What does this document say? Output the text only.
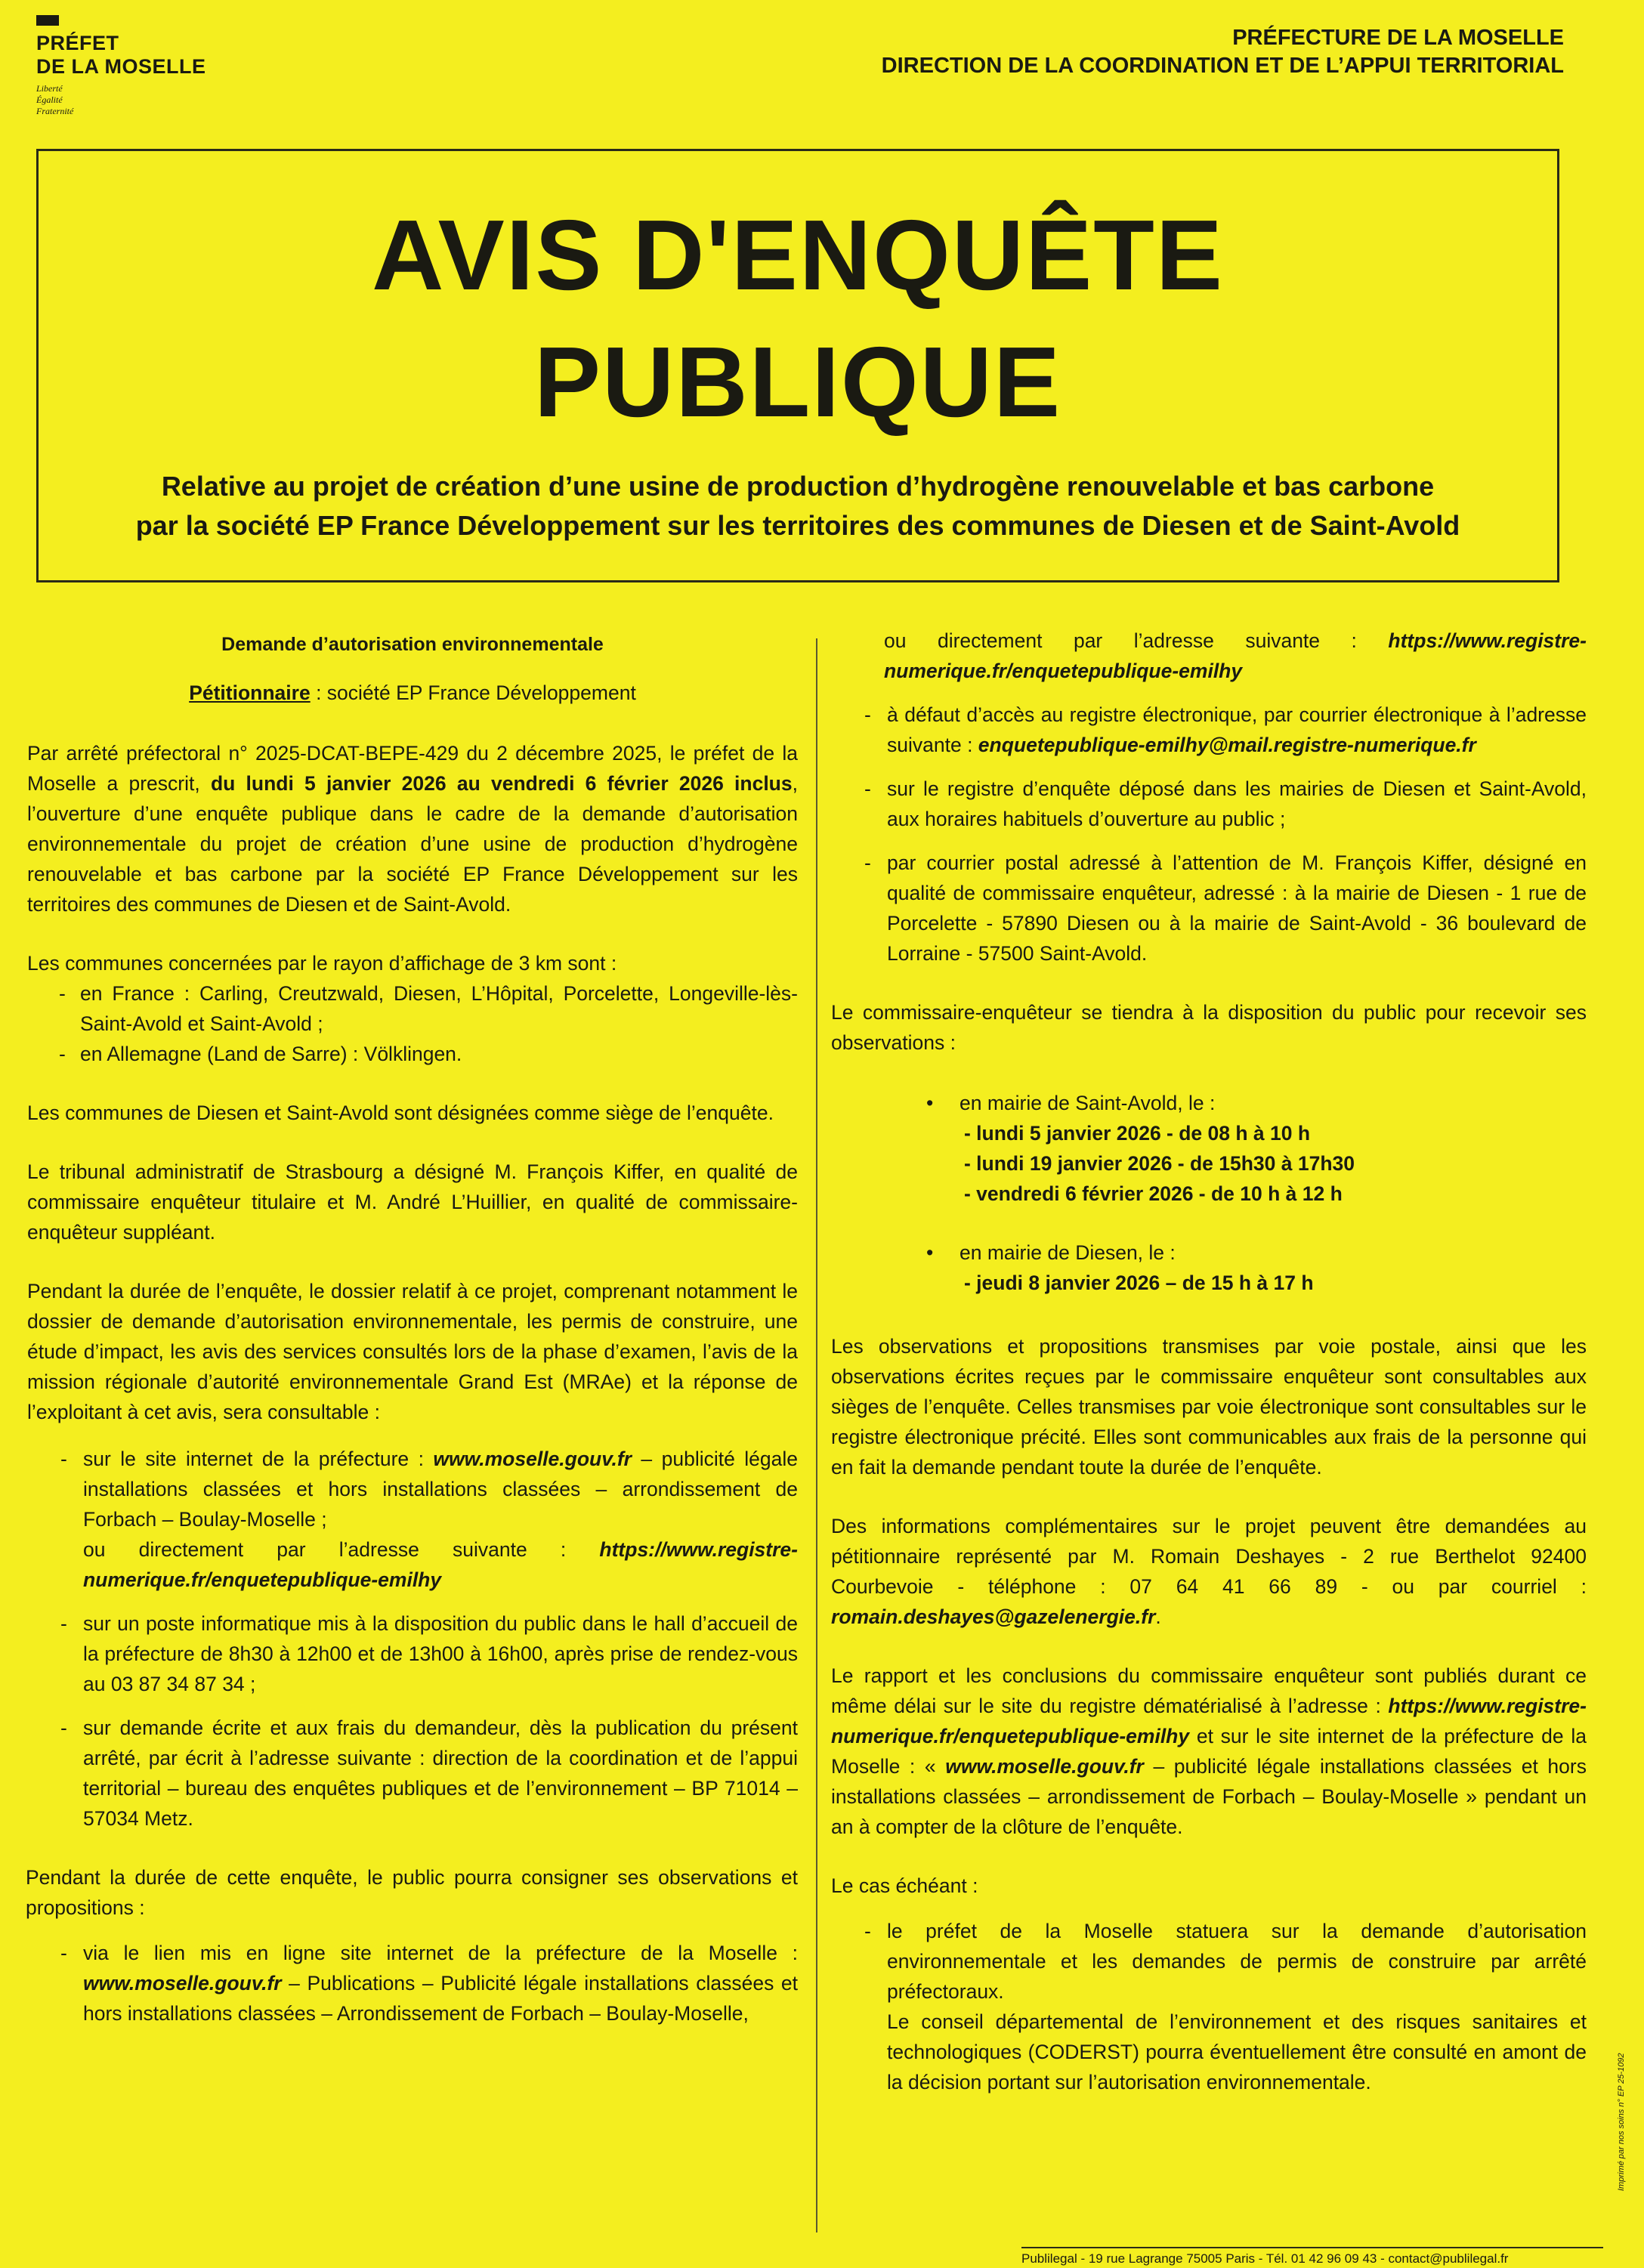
PRÉFET
DE LA MOSELLE
Liberté
Égalité
Fraternité
PRÉFECTURE DE LA MOSELLE
DIRECTION DE LA COORDINATION ET DE L’APPUI TERRITORIAL
AVIS D'ENQUÊTE
PUBLIQUE
Relative au projet de création d’une usine de production d’hydrogène renouvelable et bas carbone
par la société EP France Développement sur les territoires des communes de Diesen et de Saint-Avold

Demande d’autorisation environnementale

Pétitionnaire : société EP France Développement

Par arrêté préfectoral n° 2025-DCAT-BEPE-429 du 2 décembre 2025, le préfet de la Moselle a prescrit, du lundi 5 janvier 2026 au vendredi 6 février 2026 inclus, l’ouverture d’une enquête publique dans le cadre de la demande d’autorisation environnementale du projet de création d’une usine de production d’hydrogène renouvelable et bas carbone par la société EP France Développement sur les territoires des communes de Diesen et de Saint-Avold.

Les communes concernées par le rayon d’affichage de 3 km sont :

- en France : Carling, Creutzwald, Diesen, L’Hôpital, Porcelette, Longeville-lès-Saint-Avold et Saint-Avold ;
- en Allemagne (Land de Sarre) : Völklingen.

Les communes de Diesen et Saint-Avold sont désignées comme siège de l’enquête.

Le tribunal administratif de Strasbourg a désigné M. François Kiffer, en qualité de commissaire enquêteur titulaire et M. André L’Huillier, en qualité de commissaire-enquêteur suppléant.

Pendant la durée de l’enquête, le dossier relatif à ce projet, comprenant notamment le dossier de demande d’autorisation environnementale, les permis de construire, une étude d’impact, les avis des services consultés lors de la phase d’examen, l’avis de la mission régionale d’autorité environnementale Grand Est (MRAe) et la réponse de l’exploitant à cet avis, sera consultable :

- sur le site internet de la préfecture : www.moselle.gouv.fr – publicité légale installations classées et hors installations classées – arrondissement de Forbach – Boulay-Moselle ;
ou directement par l’adresse suivante : https://www.registre-numerique.fr/enquetepublique-emilhy
- sur un poste informatique mis à la disposition du public dans le hall d’accueil de la préfecture de 8h30 à 12h00 et de 13h00 à 16h00, après prise de rendez-vous au 03 87 34 87 34 ;
- sur demande écrite et aux frais du demandeur, dès la publication du présent arrêté, par écrit à l’adresse suivante : direction de la coordination et de l’appui territorial – bureau des enquêtes publiques et de l’environnement – BP 71014 – 57034 Metz.

Pendant la durée de cette enquête, le public pourra consigner ses observations et propositions :

- via le lien mis en ligne site internet de la préfecture de la Moselle : www.moselle.gouv.fr – Publications – Publicité légale installations classées et hors installations classées – Arrondissement de Forbach – Boulay-Moselle,

ou directement par l’adresse suivante : https://www.registre-numerique.fr/enquetepublique-emilhy

- à défaut d’accès au registre électronique, par courrier électronique à l’adresse suivante : enquetepublique-emilhy@mail.registre-numerique.fr
- sur le registre d’enquête déposé dans les mairies de Diesen et Saint-Avold, aux horaires habituels d’ouverture au public ;
- par courrier postal adressé à l’attention de M. François Kiffer, désigné en qualité de commissaire enquêteur, adressé : à la mairie de Diesen - 1 rue de Porcelette - 57890 Diesen ou à la mairie de Saint-Avold - 36 boulevard de Lorraine - 57500 Saint-Avold.

Le commissaire-enquêteur se tiendra à la disposition du public pour recevoir ses observations :

• en mairie de Saint-Avold, le :

- lundi 5 janvier 2026 - de 08 h à 10 h
- lundi 19 janvier 2026 - de 15h30 à 17h30
- vendredi 6 février 2026 - de 10 h à 12 h

• en mairie de Diesen, le :

- jeudi 8 janvier 2026 – de 15 h à 17 h

Les observations et propositions transmises par voie postale, ainsi que les observations écrites reçues par le commissaire enquêteur sont consultables aux sièges de l’enquête. Celles transmises par voie électronique sont consultables sur le registre électronique précité. Elles sont communicables aux frais de la personne qui en fait la demande pendant toute la durée de l’enquête.

Des informations complémentaires sur le projet peuvent être demandées au pétitionnaire représenté par M. Romain Deshayes - 2 rue Berthelot 92400 Courbevoie - téléphone : 07 64 41 66 89 - ou par courriel : romain.deshayes@gazelenergie.fr.

Le rapport et les conclusions du commissaire enquêteur sont publiés durant ce même délai sur le site du registre dématérialisé à l’adresse : https://www.registre-numerique.fr/enquetepublique-emilhy et sur le site internet de la préfecture de la Moselle : « www.moselle.gouv.fr – publicité légale installations classées et hors installations classées – arrondissement de Forbach – Boulay-Moselle » pendant un an à compter de la clôture de l’enquête.

Le cas échéant :

- le préfet de la Moselle statuera sur la demande d’autorisation environnementale et les demandes de permis de construire par arrêté préfectoraux.
Le conseil départemental de l’environnement et des risques sanitaires et technologiques (CODERST) pourra éventuellement être consulté en amont de la décision portant sur l’autorisation environnementale.
Publilegal - 19 rue Lagrange 75005 Paris - Tél. 01 42 96 09 43 - contact@publilegal.fr
Imprimé par nos soins n° EP 25-1092
